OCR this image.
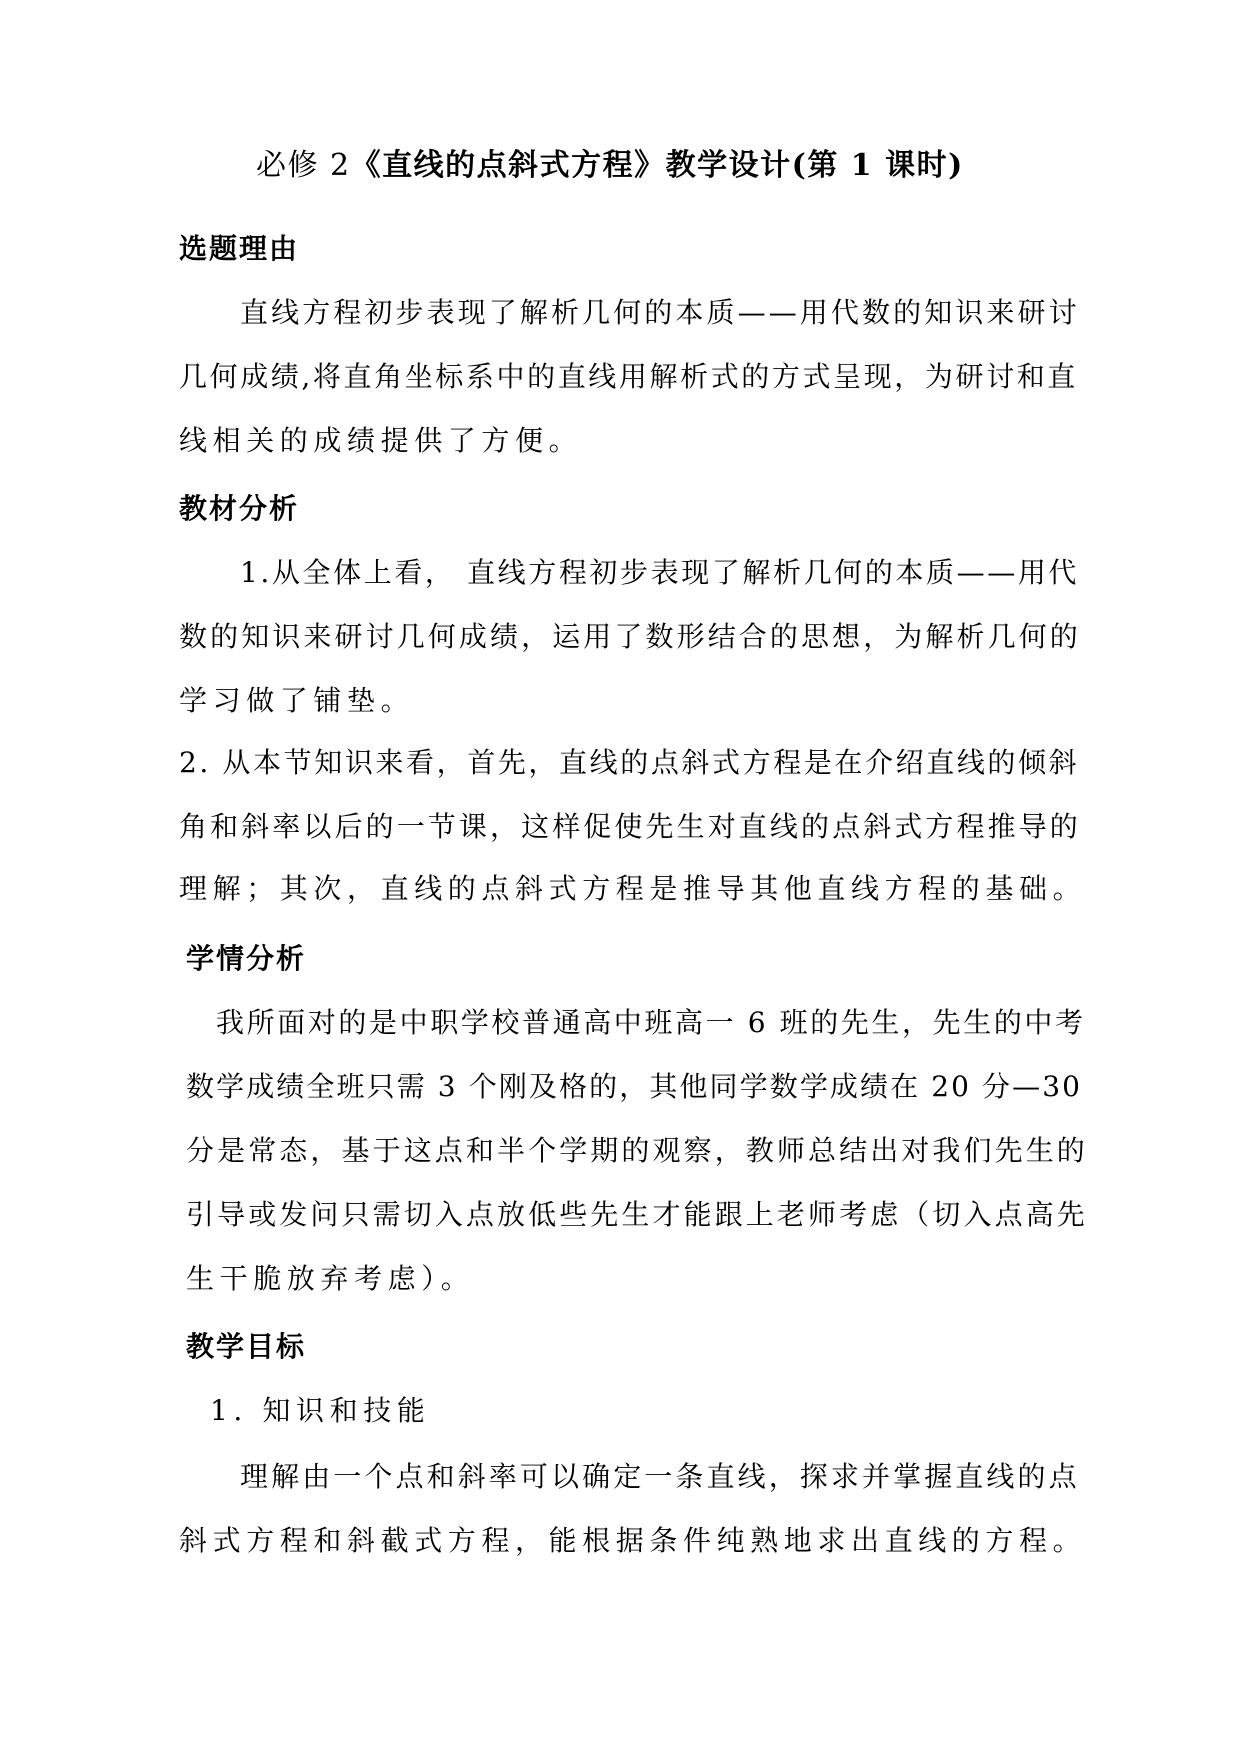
必修 2《直线的点斜式方程》教学设计(第 1 课时)
选题理由
直线方程初步表现了解析几何的本质——用代数的知识来研讨
几何成绩,将直角坐标系中的直线用解析式的方式呈现，为研讨和直
线相关的成绩提供了方便。
教材分析
1.从全体上看， 直线方程初步表现了解析几何的本质——用代
数的知识来研讨几何成绩，运用了数形结合的思想，为解析几何的
学习做了铺垫。
2. 从本节知识来看，首先，直线的点斜式方程是在介绍直线的倾斜
角和斜率以后的一节课，这样促使先生对直线的点斜式方程推导的
理解；其次，直线的点斜式方程是推导其他直线方程的基础。
学情分析
我所面对的是中职学校普通高中班高一 6 班的先生，先生的中考
数学成绩全班只需 3 个刚及格的，其他同学数学成绩在 20 分—30
分是常态，基于这点和半个学期的观察，教师总结出对我们先生的
引导或发问只需切入点放低些先生才能跟上老师考虑（切入点高先
生干脆放弃考虑）。
教学目标
1. 知识和技能
理解由一个点和斜率可以确定一条直线，探求并掌握直线的点
斜式方程和斜截式方程，能根据条件纯熟地求出直线的方程。
